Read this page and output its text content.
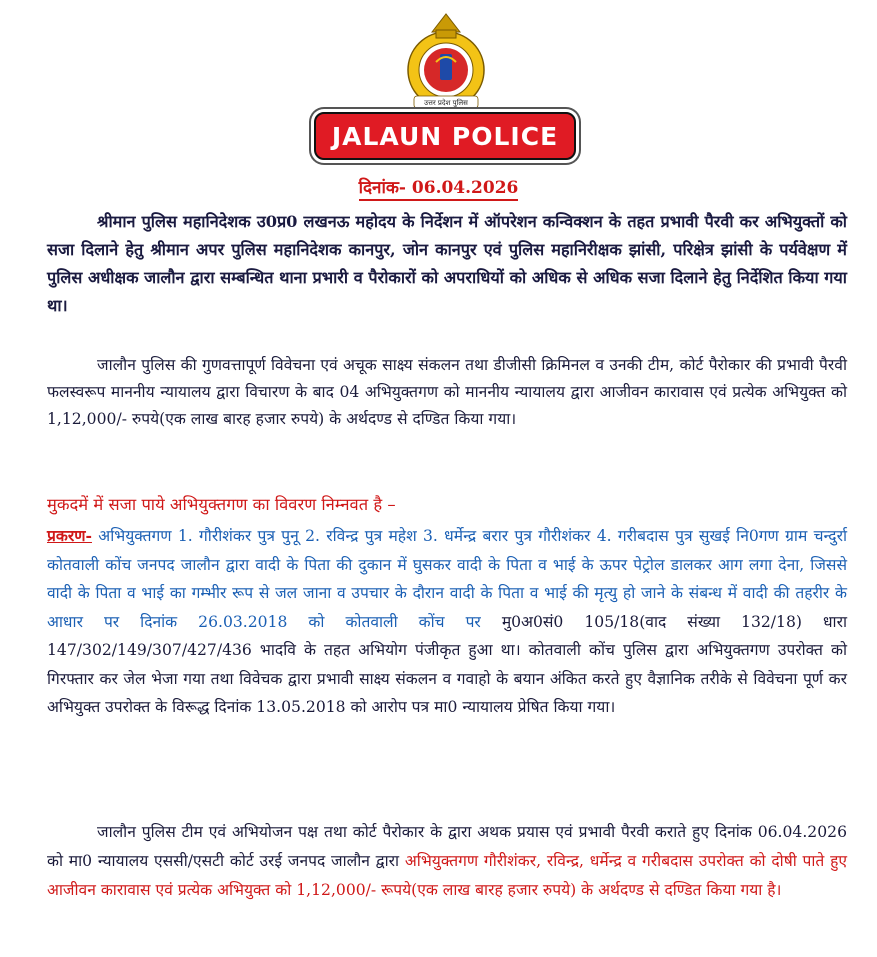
उत्तर प्रदेश पुलिस
JALAUN POLICE
दिनांक- 06.04.2026
श्रीमान पुलिस महानिदेशक उ0प्र0 लखनऊ महोदय के निर्देशन में ऑपरेशन कन्विक्शन के तहत प्रभावी पैरवी कर अभियुक्तों को सजा दिलाने हेतु श्रीमान अपर पुलिस महानिदेशक कानपुर, जोन कानपुर एवं पुलिस महानिरीक्षक झांसी, परिक्षेत्र झांसी के पर्यवेक्षण में पुलिस अधीक्षक जालौन द्वारा सम्बन्धित थाना प्रभारी व पैरोकारों को अपराधियों को अधिक से अधिक सजा दिलाने हेतु निर्देशित किया गया था।
जालौन पुलिस की गुणवत्तापूर्ण विवेचना एवं अचूक साक्ष्य संकलन तथा डीजीसी क्रिमिनल व उनकी टीम, कोर्ट पैरोकार की प्रभावी पैरवी फलस्वरूप माननीय न्यायालय द्वारा विचारण के बाद 04 अभियुक्तगण को माननीय न्यायालय द्वारा आजीवन कारावास एवं प्रत्येक अभियुक्त को 1,12,000/- रुपये(एक लाख बारह हजार रुपये) के अर्थदण्ड से दण्डित किया गया।
मुकदमें में सजा पाये अभियुक्तगण का विवरण निम्नवत है –
प्रकरण- अभियुक्तगण 1. गौरीशंकर पुत्र पुनू 2. रविन्द्र पुत्र महेश 3. धर्मेन्द्र बरार पुत्र गौरीशंकर 4. गरीबदास पुत्र सुखई नि0गण ग्राम चन्दुर्रा कोतवाली कोंच जनपद जालौन द्वारा वादी के पिता की दुकान में घुसकर वादी के पिता व भाई के ऊपर पेट्रोल डालकर आग लगा देना, जिससे वादी के पिता व भाई का गम्भीर रूप से जल जाना व उपचार के दौरान वादी के पिता व भाई की मृत्यु हो जाने के संबन्ध में वादी की तहरीर के आधार पर दिनांक 26.03.2018 को कोतवाली कोंच पर मु0अ0सं0 105/18(वाद संख्या 132/18) धारा 147/302/149/307/427/436 भादवि के तहत अभियोग पंजीकृत हुआ था। कोतवाली कोंच पुलिस द्वारा अभियुक्तगण उपरोक्त को गिरफ्तार कर जेल भेजा गया तथा विवेचक द्वारा प्रभावी साक्ष्य संकलन व गवाहो के बयान अंकित करते हुए वैज्ञानिक तरीके से विवेचना पूर्ण कर अभियुक्त उपरोक्त के विरूद्ध दिनांक 13.05.2018 को आरोप पत्र मा0 न्यायालय प्रेषित किया गया।
जालौन पुलिस टीम एवं अभियोजन पक्ष तथा कोर्ट पैरोकार के द्वारा अथक प्रयास एवं प्रभावी पैरवी कराते हुए दिनांक 06.04.2026 को मा0 न्यायालय एससी/एसटी कोर्ट उरई जनपद जालौन द्वारा अभियुक्तगण गौरीशंकर, रविन्द्र, धर्मेन्द्र व गरीबदास उपरोक्त को दोषी पाते हुए आजीवन कारावास एवं प्रत्येक अभियुक्त को 1,12,000/- रूपये(एक लाख बारह हजार रुपये) के अर्थदण्ड से दण्डित किया गया है।
